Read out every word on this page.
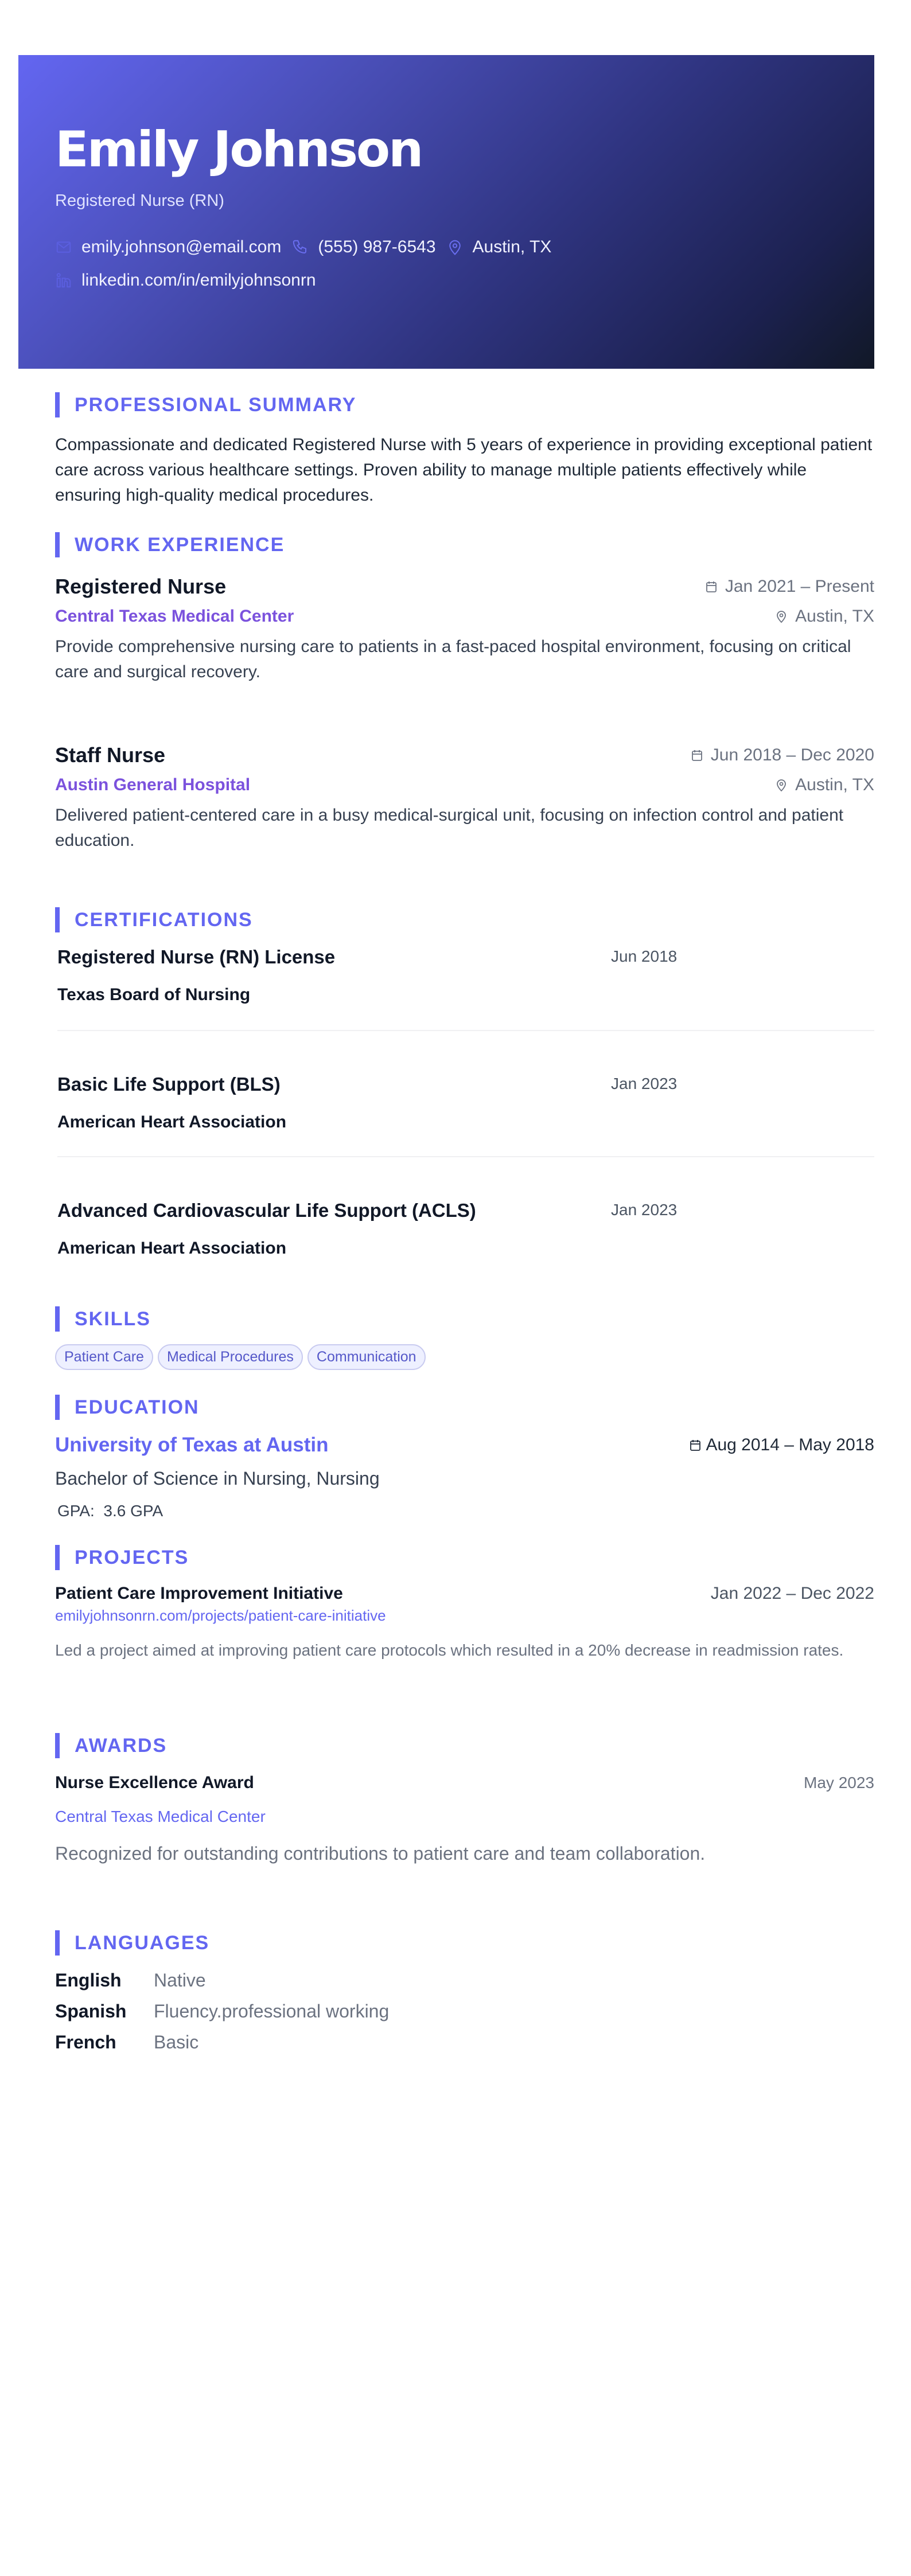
Emily Johnson
Registered Nurse (RN)
emily.johnson@email.com (555) 987-6543 Austin, TX
linkedin.com/in/emilyjohnsonrn
PROFESSIONAL SUMMARY
Compassionate and dedicated Registered Nurse with 5 years of experience in providing exceptional patient care across various healthcare settings. Proven ability to manage multiple patients effectively while ensuring high-quality medical procedures.
WORK EXPERIENCE
Registered Nurse	Jan 2021 – Present
Central Texas Medical Center	Austin, TX
Provide comprehensive nursing care to patients in a fast-paced hospital environment, focusing on critical care and surgical recovery.
Staff Nurse	Jun 2018 – Dec 2020
Austin General Hospital	Austin, TX
Delivered patient-centered care in a busy medical-surgical unit, focusing on infection control and patient education.
CERTIFICATIONS
Registered Nurse (RN) License	Jun 2018
Texas Board of Nursing
Basic Life Support (BLS)	Jan 2023
American Heart Association
Advanced Cardiovascular Life Support (ACLS)	Jan 2023
American Heart Association
SKILLS
Patient Care	Medical Procedures	Communication
EDUCATION
University of Texas at Austin	Aug 2014 – May 2018
Bachelor of Science in Nursing, Nursing
GPA: 3.6 GPA
PROJECTS
Patient Care Improvement Initiative	Jan 2022 – Dec 2022
emilyjohnsonrn.com/projects/patient-care-initiative
Led a project aimed at improving patient care protocols which resulted in a 20% decrease in readmission rates.
AWARDS
Nurse Excellence Award	May 2023
Central Texas Medical Center
Recognized for outstanding contributions to patient care and team collaboration.
LANGUAGES
English	Native
Spanish	Fluency.professional working
French	Basic
